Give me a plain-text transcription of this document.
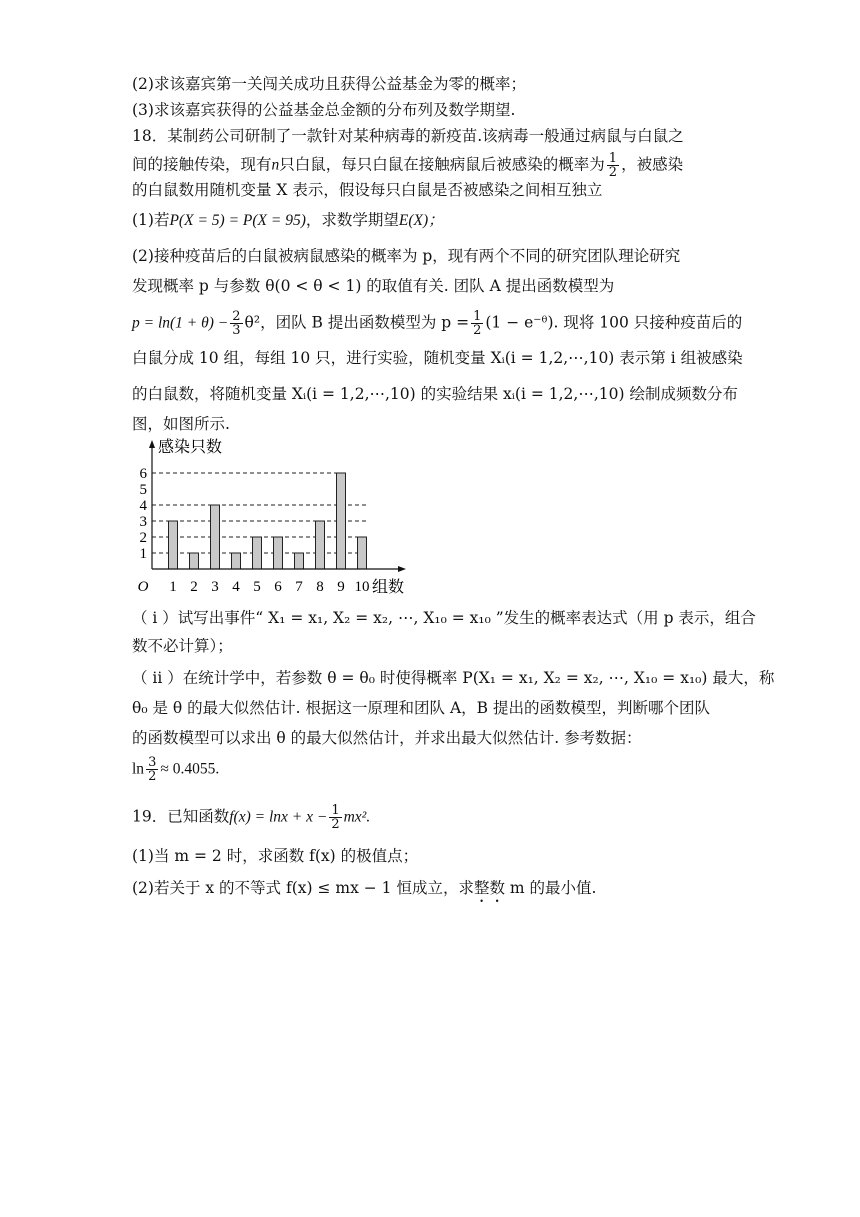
(2)求该嘉宾第一关闯关成功且获得公益基金为零的概率；
(3)求该嘉宾获得的公益基金总金额的分布列及数学期望.
18．某制药公司研制了一款针对某种病毒的新疫苗.该病毒一般通过病鼠与白鼠之
间的接触传染，现有n只白鼠，每只白鼠在接触病鼠后被感染的概率为 $\frac{1}{2}$ ，被感染
的白鼠数用随机变量 X 表示，假设每只白鼠是否被感染之间相互独立
(1)若P(X = 5) = P(X = 95)，求数学期望E(X)；
(2)接种疫苗后的白鼠被病鼠感染的概率为 p，现有两个不同的研究团队理论研究
发现概率 p 与参数 θ(0 < θ < 1) 的取值有关. 团队 A 提出函数模型为
$p = \ln(1 + \theta) - \frac{2}{3} \theta^2$，团队 B 提出函数模型为 $p = \frac{1}{2} (1$ − e⁻ᶿ). 现将 100 只接种疫苗后的
白鼠分成 10 组，每组 10 只，进行实验，随机变量 Xᵢ(i = 1,2,⋯,10) 表示第 i 组被感染
的白鼠数，将随机变量 Xᵢ(i = 1,2,⋯,10) 的实验结果 xᵢ(i = 1,2,⋯,10) 绘制成频数分布
图，如图所示.
1
2
3
4
5
6
1 2 3 4 5 6 7 8 9 10
O
感染只数
组数
（ i ）试写出事件“ X₁ = x₁, X₂ = x₂, ⋯, X₁₀ = x₁₀ ”发生的概率表达式（用 p 表示，组合
数不必计算）；
（ ii ）在统计学中，若参数 θ = θ₀ 时使得概率 P(X₁ = x₁, X₂ = x₂, ⋯, X₁₀ = x₁₀) 最大，称
θ₀ 是 θ 的最大似然估计. 根据这一原理和团队 A，B 提出的函数模型，判断哪个团队
的函数模型可以求出 θ 的最大似然估计，并求出最大似然估计. 参考数据：
$\ln \frac{3}{2} \approx 0.4055$.
19．已知函数$f(x) = \ln x + x - \frac{1}{2} mx^2$.
(1)当 m = 2 时，求函数 f(x) 的极值点；
(2)若关于 x 的不等式 f(x) ≤ mx − 1 恒成立，求整数 m 的最小值.
